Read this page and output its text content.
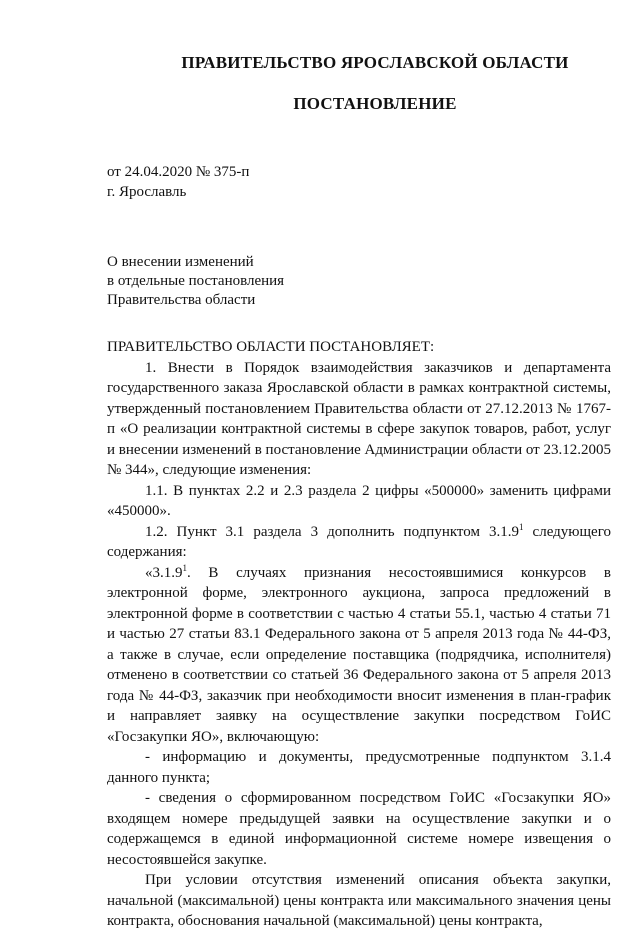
ПРАВИТЕЛЬСТВО ЯРОСЛАВСКОЙ ОБЛАСТИ
ПОСТАНОВЛЕНИЕ
от 24.04.2020 № 375-п
г. Ярославль
О внесении изменений
в отдельные постановления
Правительства области

ПРАВИТЕЛЬСТВО ОБЛАСТИ ПОСТАНОВЛЯЕТ:

1. Внести в Порядок взаимодействия заказчиков и департамента государственного заказа Ярославской области в рамках контрактной системы, утвержденный постановлением Правительства области от 27.12.2013 № 1767-п «О реализации контрактной системы в сфере закупок товаров, работ, услуг и внесении изменений в постановление Администрации области от 23.12.2005 № 344», следующие изменения:

1.1. В пунктах 2.2 и 2.3 раздела 2 цифры «500000» заменить цифрами «450000».

1.2. Пункт 3.1 раздела 3 дополнить подпунктом 3.1.9$^1$ следующего содержания:

«3.1.9$^1$. В случаях признания несостоявшимися конкурсов в электронной форме, электронного аукциона, запроса предложений в электронной форме в соответствии с частью 4 статьи 55.1, частью 4 статьи 71 и частью 27 статьи 83.1 Федерального закона от 5 апреля 2013 года № 44-ФЗ, а также в случае, если определение поставщика (подрядчика, исполнителя) отменено в соответствии со статьей 36 Федерального закона от 5 апреля 2013 года № 44-ФЗ, заказчик при необходимости вносит изменения в план-график и направляет заявку на осуществление закупки посредством ГоИС «Госзакупки ЯО», включающую:

- информацию и документы, предусмотренные подпунктом 3.1.4 данного пункта;

- сведения о сформированном посредством ГоИС «Госзакупки ЯО» входящем номере предыдущей заявки на осуществление закупки и о содержащемся в единой информационной системе номере извещения о несостоявшейся закупке.

При условии отсутствия изменений описания объекта закупки, начальной (максимальной) цены контракта или максимального значения цены контракта, обоснования начальной (максимальной) цены контракта,
